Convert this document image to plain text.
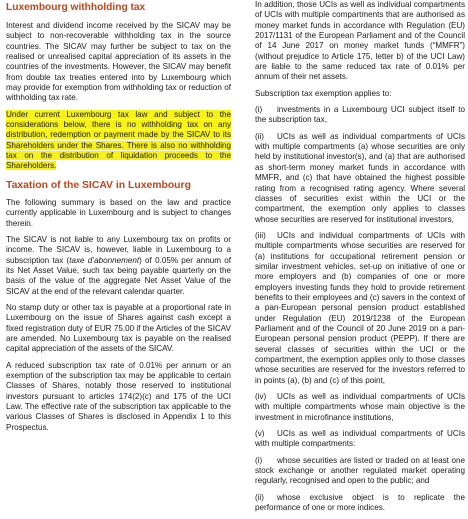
Luxembourg withholding tax

Interest and dividend income received by the SICAV may be subject to non-recoverable withholding tax in the source countries. The SICAV may further be subject to tax on the realised or unrealised capital appreciation of its assets in the countries of the investments. However, the SICAV may benefit from double tax treaties entered into by Luxembourg which may provide for exemption from withholding tax or reduction of withholding tax rate.

Under current Luxembourg tax law and subject to the considerations below, there is no withholding tax on any distribution, redemption or payment made by the SICAV to its Shareholders under the Shares. There is also no withholding tax on the distribution of liquidation proceeds to the Shareholders.

Taxation of the SICAV in Luxembourg

The following summary is based on the law and practice currently applicable in Luxembourg and is subject to changes therein.

The SICAV is not liable to any Luxembourg tax on profits or income. The SICAV is, however, liable in Luxembourg to a subscription tax (taxe d’abonnement) of 0.05% per annum of its Net Asset Value, such tax being payable quarterly on the basis of the value of the aggregate Net Asset Value of the SICAV at the end of the relevant calendar quarter.

No stamp duty or other tax is payable at a proportional rate in Luxembourg on the issue of Shares against cash except a fixed registration duty of EUR 75.00 if the Articles of the SICAV are amended. No Luxembourg tax is payable on the realised capital appreciation of the assets of the SICAV.

A reduced subscription tax rate of 0.01% per annum or an exemption of the subscription tax may be applicable to certain Classes of Shares, notably those reserved to institutional investors pursuant to articles 174(2)(c) and 175 of the UCI Law. The effective rate of the subscription tax applicable to the various Classes of Shares is disclosed in Appendix 1 to this Prospectus.

In addition, those UCIs as well as individual compartments of UCIs with multiple compartments that are authorised as money market funds in accordance with Regulation (EU) 2017/1131 of the European Parliament and of the Council of 14 June 2017 on money market funds (“MMFR”) (without prejudice to Article 175, letter b) of the UCI Law) are liable to the same reduced tax rate of 0.01% per annum of their net assets.

Subscription tax exemption applies to:

(i) investments in a Luxembourg UCI subject itself to the subscription tax,
(ii) UCIs as well as individual compartments of UCIs with multiple compartments (a) whose securities are only held by institutional investor(s), and (a) that are authorised as short-term money market funds in accordance with MMFR, and (c) that have obtained the highest possible rating from a recognised rating agency. Where several classes of securities exist within the UCI or the compartment, the exemption only applies to classes whose securities are reserved for institutional investors,
(iii) UCIs and individual compartments of UCIs with multiple compartments whose securities are reserved for (a) institutions for occupational retirement pension or similar investment vehicles, set-up on initiative of one or more employers and (b) companies of one or more employers investing funds they hold to provide retirement benefits to their employees and (c) savers in the context of a pan-European personal pension product established under Regulation (EU) 2019/1238 of the European Parliament and of the Council of 20 June 2019 on a pan-European personal pension product (PEPP). If there are several classes of securities within the UCI or the compartment, the exemption applies only to those classes whose securities are reserved for the investors referred to in points (a), (b) and (c) of this point,
(iv) UCIs as well as individual compartments of UCIs with multiple compartments whose main objective is the investment in microfinance institutions,
(v) UCIs as well as individual compartments of UCIs with multiple compartments:
(i) whose securities are listed or traded on at least one stock exchange or another regulated market operating regularly, recognised and open to the public; and
(ii) whose exclusive object is to replicate the performance of one or more indices.
